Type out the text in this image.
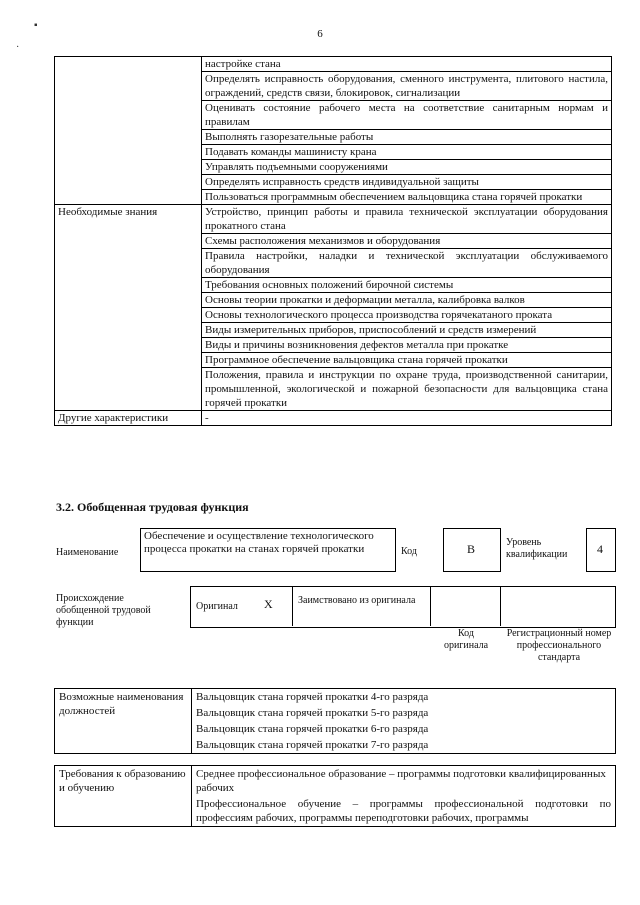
▪
·
6
	настройке стана
	Определять исправность оборудования, сменного инструмента, плитового настила, ограждений, средств связи, блокировок, сигнализации
	Оценивать состояние рабочего места на соответствие санитарным нормам и правилам
	Выполнять газорезательные работы
	Подавать команды машинисту крана
	Управлять подъемными сооружениями
	Определять исправность средств индивидуальной защиты
	Пользоваться программным обеспечением вальцовщика стана горячей прокатки
Необходимые знания	Устройство, принцип работы и правила технической эксплуатации оборудования прокатного стана
	Схемы расположения механизмов и оборудования
	Правила настройки, наладки и технической эксплуатации обслуживаемого оборудования
	Требования основных положений бирочной системы
	Основы теории прокатки и деформации металла, калибровка валков
	Основы технологического процесса производства горячекатаного проката
	Виды измерительных приборов, приспособлений и средств измерений
	Виды и причины возникновения дефектов металла при прокатке
	Программное обеспечение вальцовщика стана горячей прокатки
	Положения, правила и инструкции по охране труда, производственной санитарии, промышленной, экологической и пожарной безопасности для вальцовщика стана горячей прокатки
Другие характеристики	-
3.2. Обобщенная трудовая функция
Наименование
Обеспечение и осуществление технологического процесса прокатки на станах горячей прокатки	Код	B	Уровень квалификации	4
Происхождение обобщенной трудовой функции
Оригинал X	Заимствовано из оригинала
Код оригинала
Регистрационный номер профессионального стандарта
Возможные наименования должностей	Вальцовщик стана горячей прокатки 4-го разряда
Вальцовщик стана горячей прокатки 5-го разряда
Вальцовщик стана горячей прокатки 6-го разряда
Вальцовщик стана горячей прокатки 7-го разряда
Требования к образованию и обучению	Среднее профессиональное образование – программы подготовки квалифицированных рабочих
Профессиональное обучение – программы профессиональной подготовки по профессиям рабочих, программы переподготовки рабочих, программы
